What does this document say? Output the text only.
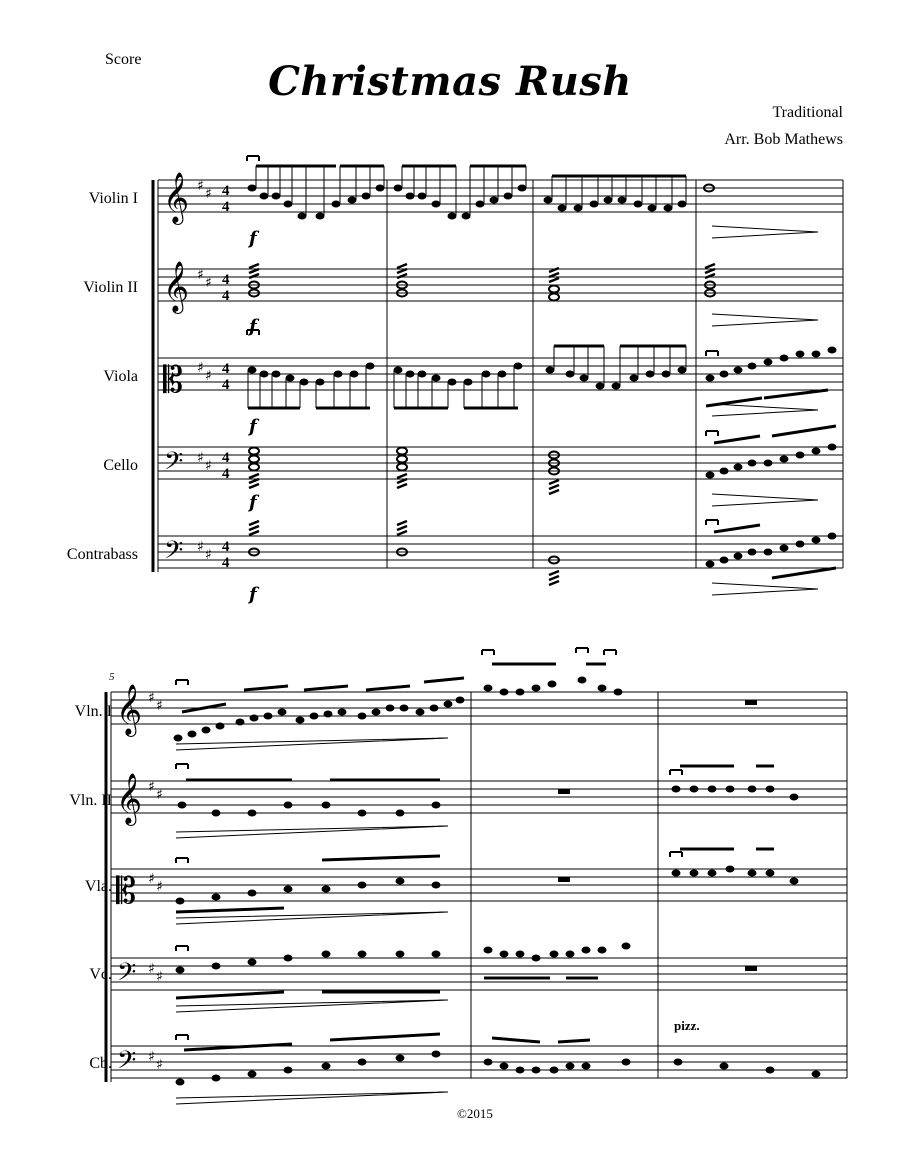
Score	Christmas Rush
Traditional
Arr. Bob Mathews
Violin I
Violin II
Viola
Cello
Contrabass
Vln. I
Vln. II
Vla.
Vc.
Cb.
5
pizz.
©2015
𝄞
𝄞
𝄡
𝄢
𝄢
♯ ♯
♯ ♯
♯ ♯
♯ ♯
♯ ♯
4
4
4
4
4
4
4
4
4
4
f
f
f
f
f
𝄞
𝄞
𝄡
𝄢
𝄢
♯ ♯
♯ ♯
♯ ♯
♯ ♯
♯ ♯
